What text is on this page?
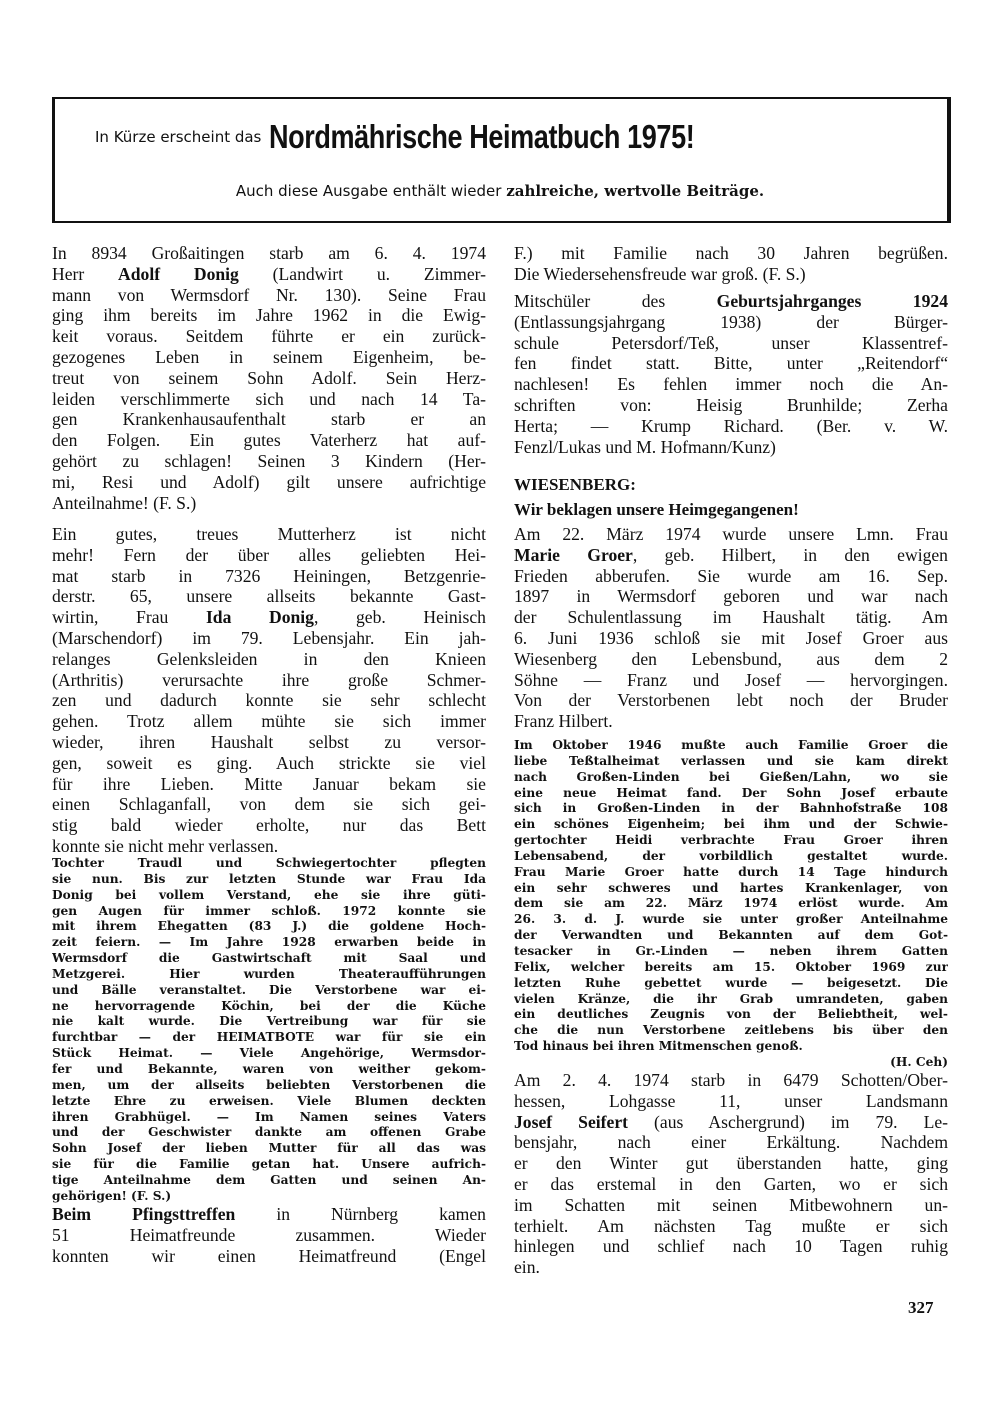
In Kürze erscheint das Nordmährische Heimatbuch 1975!
Auch diese Ausgabe enthält wieder zahlreiche, wertvolle Beiträge.
In 8934 Großaitingen starb am 6. 4. 1974
Herr Adolf Donig (Landwirt u. Zimmer-
mann von Wermsdorf Nr. 130). Seine Frau
ging ihm bereits im Jahre 1962 in die Ewig-
keit voraus. Seitdem führte er ein zurück-
gezogenes Leben in seinem Eigenheim, be-
treut von seinem Sohn Adolf. Sein Herz-
leiden verschlimmerte sich und nach 14 Ta-
gen Krankenhausaufenthalt starb er an
den Folgen. Ein gutes Vaterherz hat auf-
gehört zu schlagen! Seinen 3 Kindern (Her-
mi, Resi und Adolf) gilt unsere aufrichtige
Anteilnahme! (F. S.)
Ein gutes, treues Mutterherz ist nicht
mehr! Fern der über alles geliebten Hei-
mat starb in 7326 Heiningen, Betzgenrie-
derstr. 65, unsere allseits bekannte Gast-
wirtin, Frau Ida Donig, geb. Heinisch
(Marschendorf) im 79. Lebensjahr. Ein jah-
relanges Gelenksleiden in den Knieen
(Arthritis) verursachte ihre große Schmer-
zen und dadurch konnte sie sehr schlecht
gehen. Trotz allem mühte sie sich immer
wieder, ihren Haushalt selbst zu versor-
gen, soweit es ging. Auch strickte sie viel
für ihre Lieben. Mitte Januar bekam sie
einen Schlaganfall, von dem sie sich gei-
stig bald wieder erholte, nur das Bett
konnte sie nicht mehr verlassen.
Tochter Traudl und Schwiegertochter pflegten
sie nun. Bis zur letzten Stunde war Frau Ida
Donig bei vollem Verstand, ehe sie ihre güti-
gen Augen für immer schloß. 1972 konnte sie
mit ihrem Ehegatten (83 J.) die goldene Hoch-
zeit feiern. — Im Jahre 1928 erwarben beide in
Wermsdorf die Gastwirtschaft mit Saal und
Metzgerei. Hier wurden Theateraufführungen
und Bälle veranstaltet. Die Verstorbene war ei-
ne hervorragende Köchin, bei der die Küche
nie kalt wurde. Die Vertreibung war für sie
furchtbar — der HEIMATBOTE war für sie ein
Stück Heimat. — Viele Angehörige, Wermsdor-
fer und Bekannte, waren von weither gekom-
men, um der allseits beliebten Verstorbenen die
letzte Ehre zu erweisen. Viele Blumen deckten
ihren Grabhügel. — Im Namen seines Vaters
und der Geschwister dankte am offenen Grabe
Sohn Josef der lieben Mutter für all das was
sie für die Familie getan hat. Unsere aufrich-
tige Anteilnahme dem Gatten und seinen An-
gehörigen! (F. S.)
Beim Pfingsttreffen in Nürnberg kamen
51 Heimatfreunde zusammen. Wieder
konnten wir einen Heimatfreund (Engel
Mitschüler des Geburtsjahrganges 1924
(Entlassungsjahrgang 1938) der Bürger-
schule Petersdorf/Teß, unser Klassentref-
fen findet statt. Bitte, unter „Reitendorf“
nachlesen! Es fehlen immer noch die An-
schriften von: Heisig Brunhilde; Zerha
Herta; — Krump Richard. (Ber. v. W.
Fenzl/Lukas und M. Hofmann/Kunz)
WIESENBERG:
Wir beklagen unsere Heimgegangenen!
Am 22. März 1974 wurde unsere Lmn. Frau
Marie Groer, geb. Hilbert, in den ewigen
Frieden abberufen. Sie wurde am 16. Sep.
1897 in Wermsdorf geboren und war nach
der Schulentlassung im Haushalt tätig. Am
6. Juni 1936 schloß sie mit Josef Groer aus
Wiesenberg den Lebensbund, aus dem 2
Söhne — Franz und Josef — hervorgingen.
Von der Verstorbenen lebt noch der Bruder
Franz Hilbert.
Im Oktober 1946 mußte auch Familie Groer die
liebe Teßtalheimat verlassen und sie kam direkt
nach Großen-Linden bei Gießen/Lahn, wo sie
eine neue Heimat fand. Der Sohn Josef erbaute
sich in Großen-Linden in der Bahnhofstraße 108
ein schönes Eigenheim; bei ihm und der Schwie-
gertochter Heidi verbrachte Frau Groer ihren
Lebensabend, der vorbildlich gestaltet wurde.
Frau Marie Groer hatte durch 14 Tage hindurch
ein sehr schweres und hartes Krankenlager, von
dem sie am 22. März 1974 erlöst wurde. Am
26. 3. d. J. wurde sie unter großer Anteilnahme
der Verwandten und Bekannten auf dem Got-
tesacker in Gr.-Linden — neben ihrem Gatten
Felix, welcher bereits am 15. Oktober 1969 zur
letzten Ruhe gebettet wurde — beigesetzt. Die
vielen Kränze, die ihr Grab umrandeten, gaben
ein deutliches Zeugnis von der Beliebtheit, wel-
che die nun Verstorbene zeitlebens bis über den
Tod hinaus bei ihren Mitmenschen genoß.
(H. Ceh)
Am 2. 4. 1974 starb in 6479 Schotten/Ober-
hessen, Lohgasse 11, unser Landsmann
Josef Seifert (aus Aschergrund) im 79. Le-
bensjahr, nach einer Erkältung. Nachdem
er den Winter gut überstanden hatte, ging
er das erstemal in den Garten, wo er sich
im Schatten mit seinen Mitbewohnern un-
terhielt. Am nächsten Tag mußte er sich
hinlegen und schlief nach 10 Tagen ruhig
ein.
327
F.) mit Familie nach 30 Jahren begrüßen.
Die Wiedersehensfreude war groß. (F. S.)
